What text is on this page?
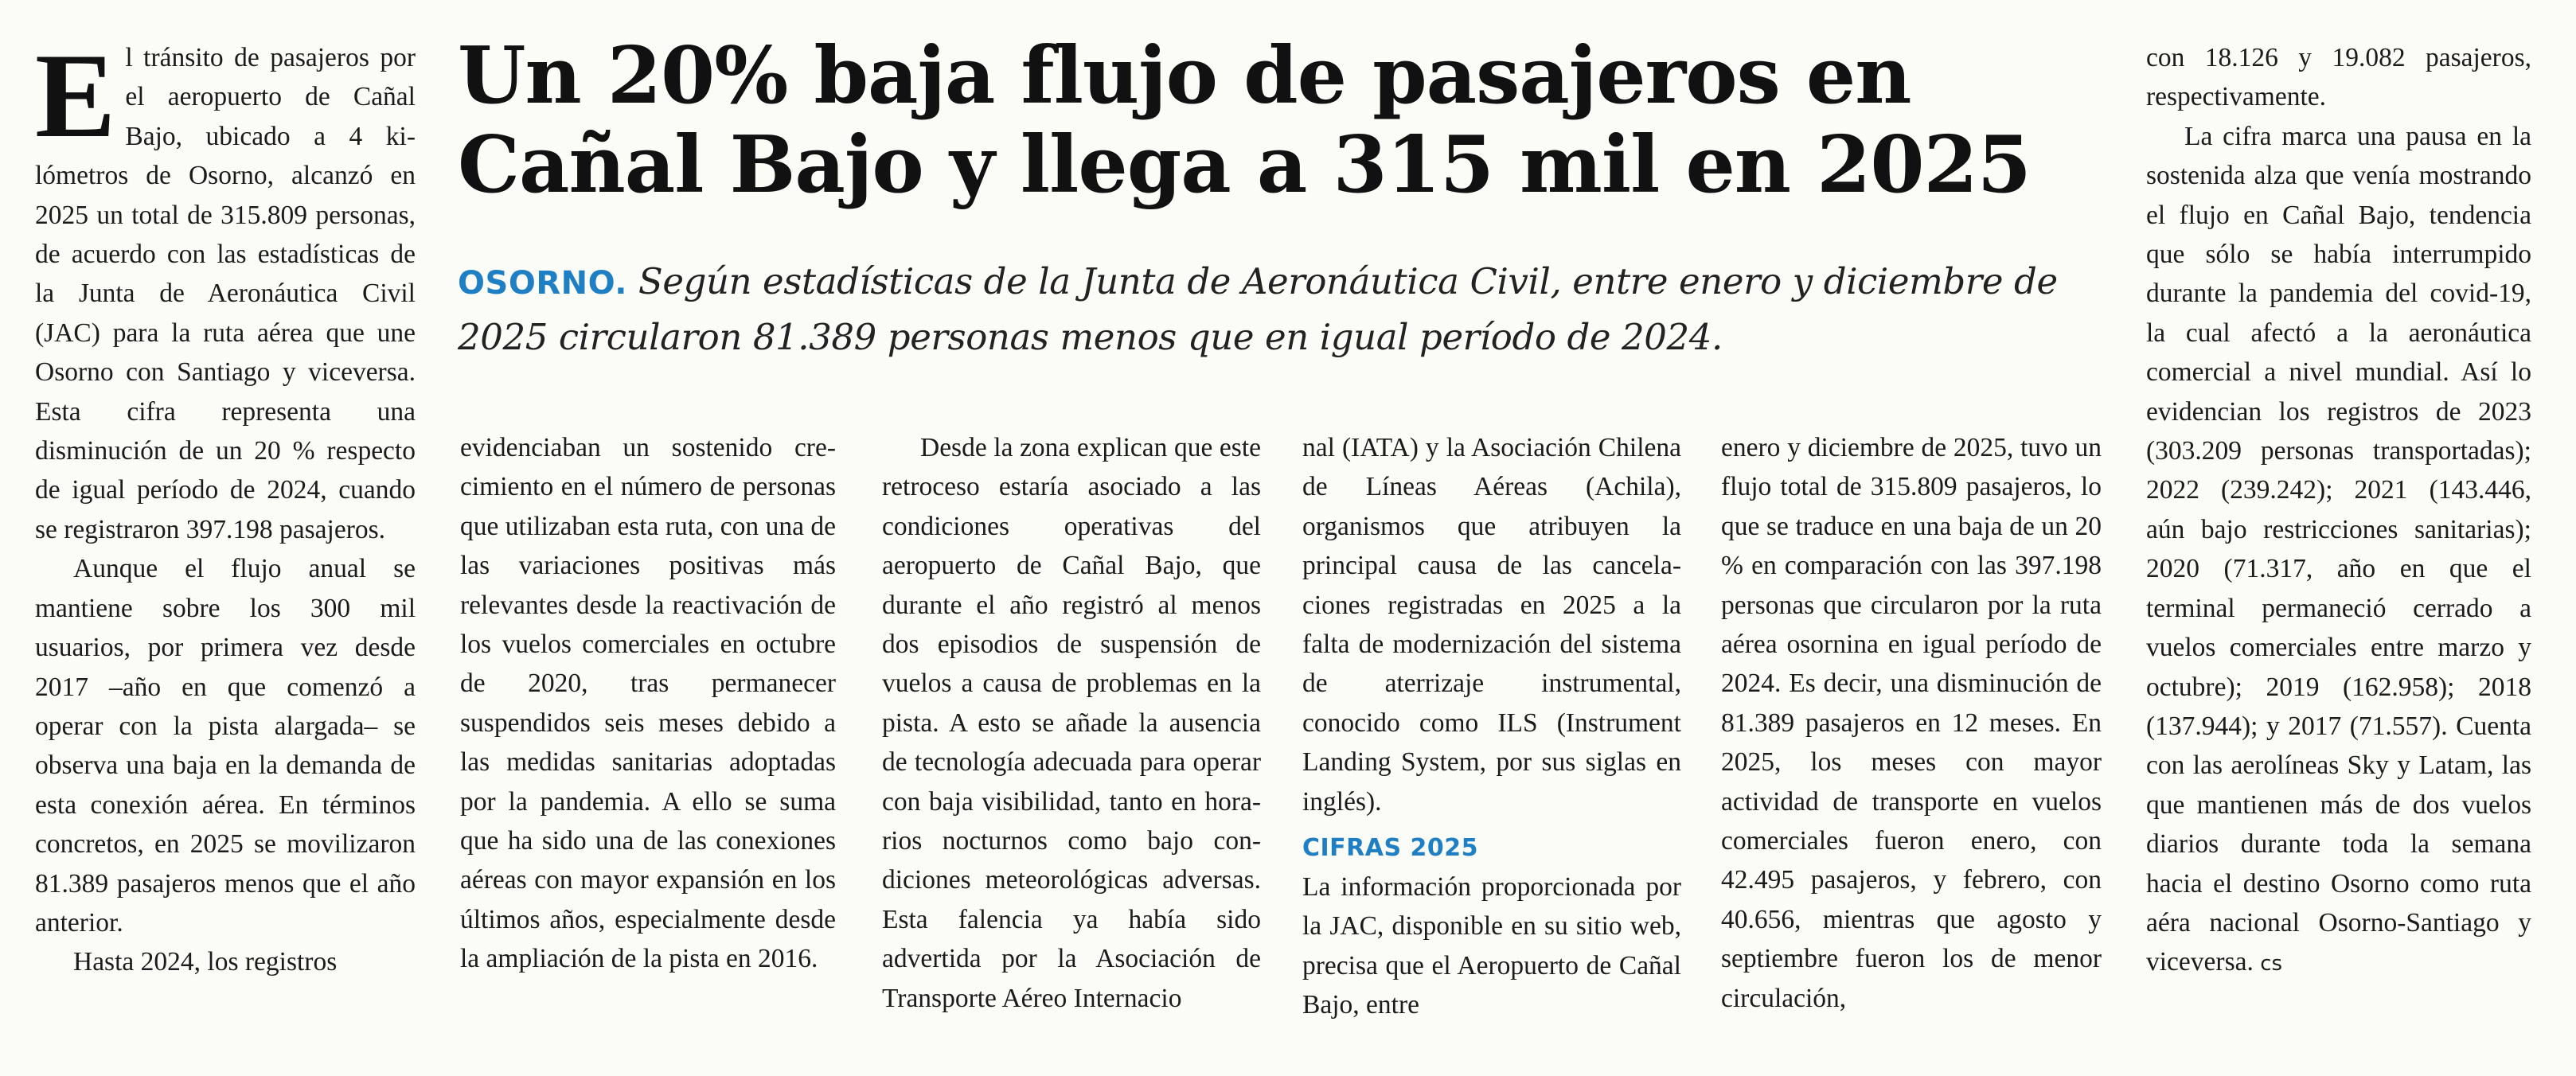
El tránsito de pasajeros por el aeropuerto de Cañal Bajo, ubicado a 4 kilómetros de Osorno, alcanzó en 2025 un total de 315.809 personas, de acuerdo con las estadísticas de la Junta de Aeronáutica Civil (JAC) para la ruta aérea que une Osorno con Santiago y viceversa. Esta cifra representa una disminución de un 20 % respecto de igual período de 2024, cuando se registraron 397.198 pasajeros.

Aunque el flujo anual se mantiene sobre los 300 mil usuarios, por primera vez desde 2017 –año en que comenzó a operar con la pista alargada– se observa una baja en la demanda de esta conexión aérea. En términos concretos, en 2025 se movilizaron 81.389 pasajeros menos que el año anterior.

Hasta 2024, los registros

Un 20% baja flujo de pasajeros en Cañal Bajo y llega a 315 mil en 2025

OSORNO. Según estadísticas de la Junta de Aeronáutica Civil, entre enero y diciembre de 2025 circularon 81.389 personas menos que en igual período de 2024.

evidenciaban un sostenido crecimiento en el número de personas que utilizaban esta ruta, con una de las variaciones positivas más relevantes desde la reactivación de los vuelos comerciales en octubre de 2020, tras permanecer suspendidos seis meses debido a las medidas sanitarias adoptadas por la pandemia. A ello se suma que ha sido una de las conexiones aéreas con mayor expansión en los últimos años, especialmente desde la ampliación de la pista en 2016.

Desde la zona explican que este retroceso estaría asociado a las condiciones operativas del aeropuerto de Cañal Bajo, que durante el año registró al menos dos episodios de suspensión de vuelos a causa de problemas en la pista. A esto se añade la ausencia de tecnología adecuada para operar con baja visibilidad, tanto en horarios nocturnos como bajo condiciones meteorológicas adversas. Esta falencia ya había sido advertida por la Asociación de Transporte Aéreo Internacio

nal (IATA) y la Asociación Chilena de Líneas Aéreas (Achila), organismos que atribuyen la principal causa de las cancelaciones registradas en 2025 a la falta de modernización del sistema de aterrizaje instrumental, conocido como ILS (Instrument Landing System, por sus siglas en inglés).

CIFRAS 2025

La información proporcionada por la JAC, disponible en su sitio web, precisa que el Aeropuerto de Cañal Bajo, entre

enero y diciembre de 2025, tuvo un flujo total de 315.809 pasajeros, lo que se traduce en una baja de un 20 % en comparación con las 397.198 personas que circularon por la ruta aérea osornina en igual período de 2024. Es decir, una disminución de 81.389 pasajeros en 12 meses. En 2025, los meses con mayor actividad de transporte en vuelos comerciales fueron enero, con 42.495 pasajeros, y febrero, con 40.656, mientras que agosto y septiembre fueron los de menor circulación,

con 18.126 y 19.082 pasajeros, respectivamente.

La cifra marca una pausa en la sostenida alza que venía mostrando el flujo en Cañal Bajo, tendencia que sólo se había interrumpido durante la pandemia del covid-19, la cual afectó a la aeronáutica comercial a nivel mundial. Así lo evidencian los registros de 2023 (303.209 personas transportadas); 2022 (239.242); 2021 (143.446, aún bajo restricciones sanitarias); 2020 (71.317, año en que el terminal permaneció cerrado a vuelos comerciales entre marzo y octubre); 2019 (162.958); 2018 (137.944); y 2017 (71.557). Cuenta con las aerolíneas Sky y Latam, las que mantienen más de dos vuelos diarios durante toda la semana hacia el destino Osorno como ruta aéra nacional Osorno-Santiago y viceversa. cs
